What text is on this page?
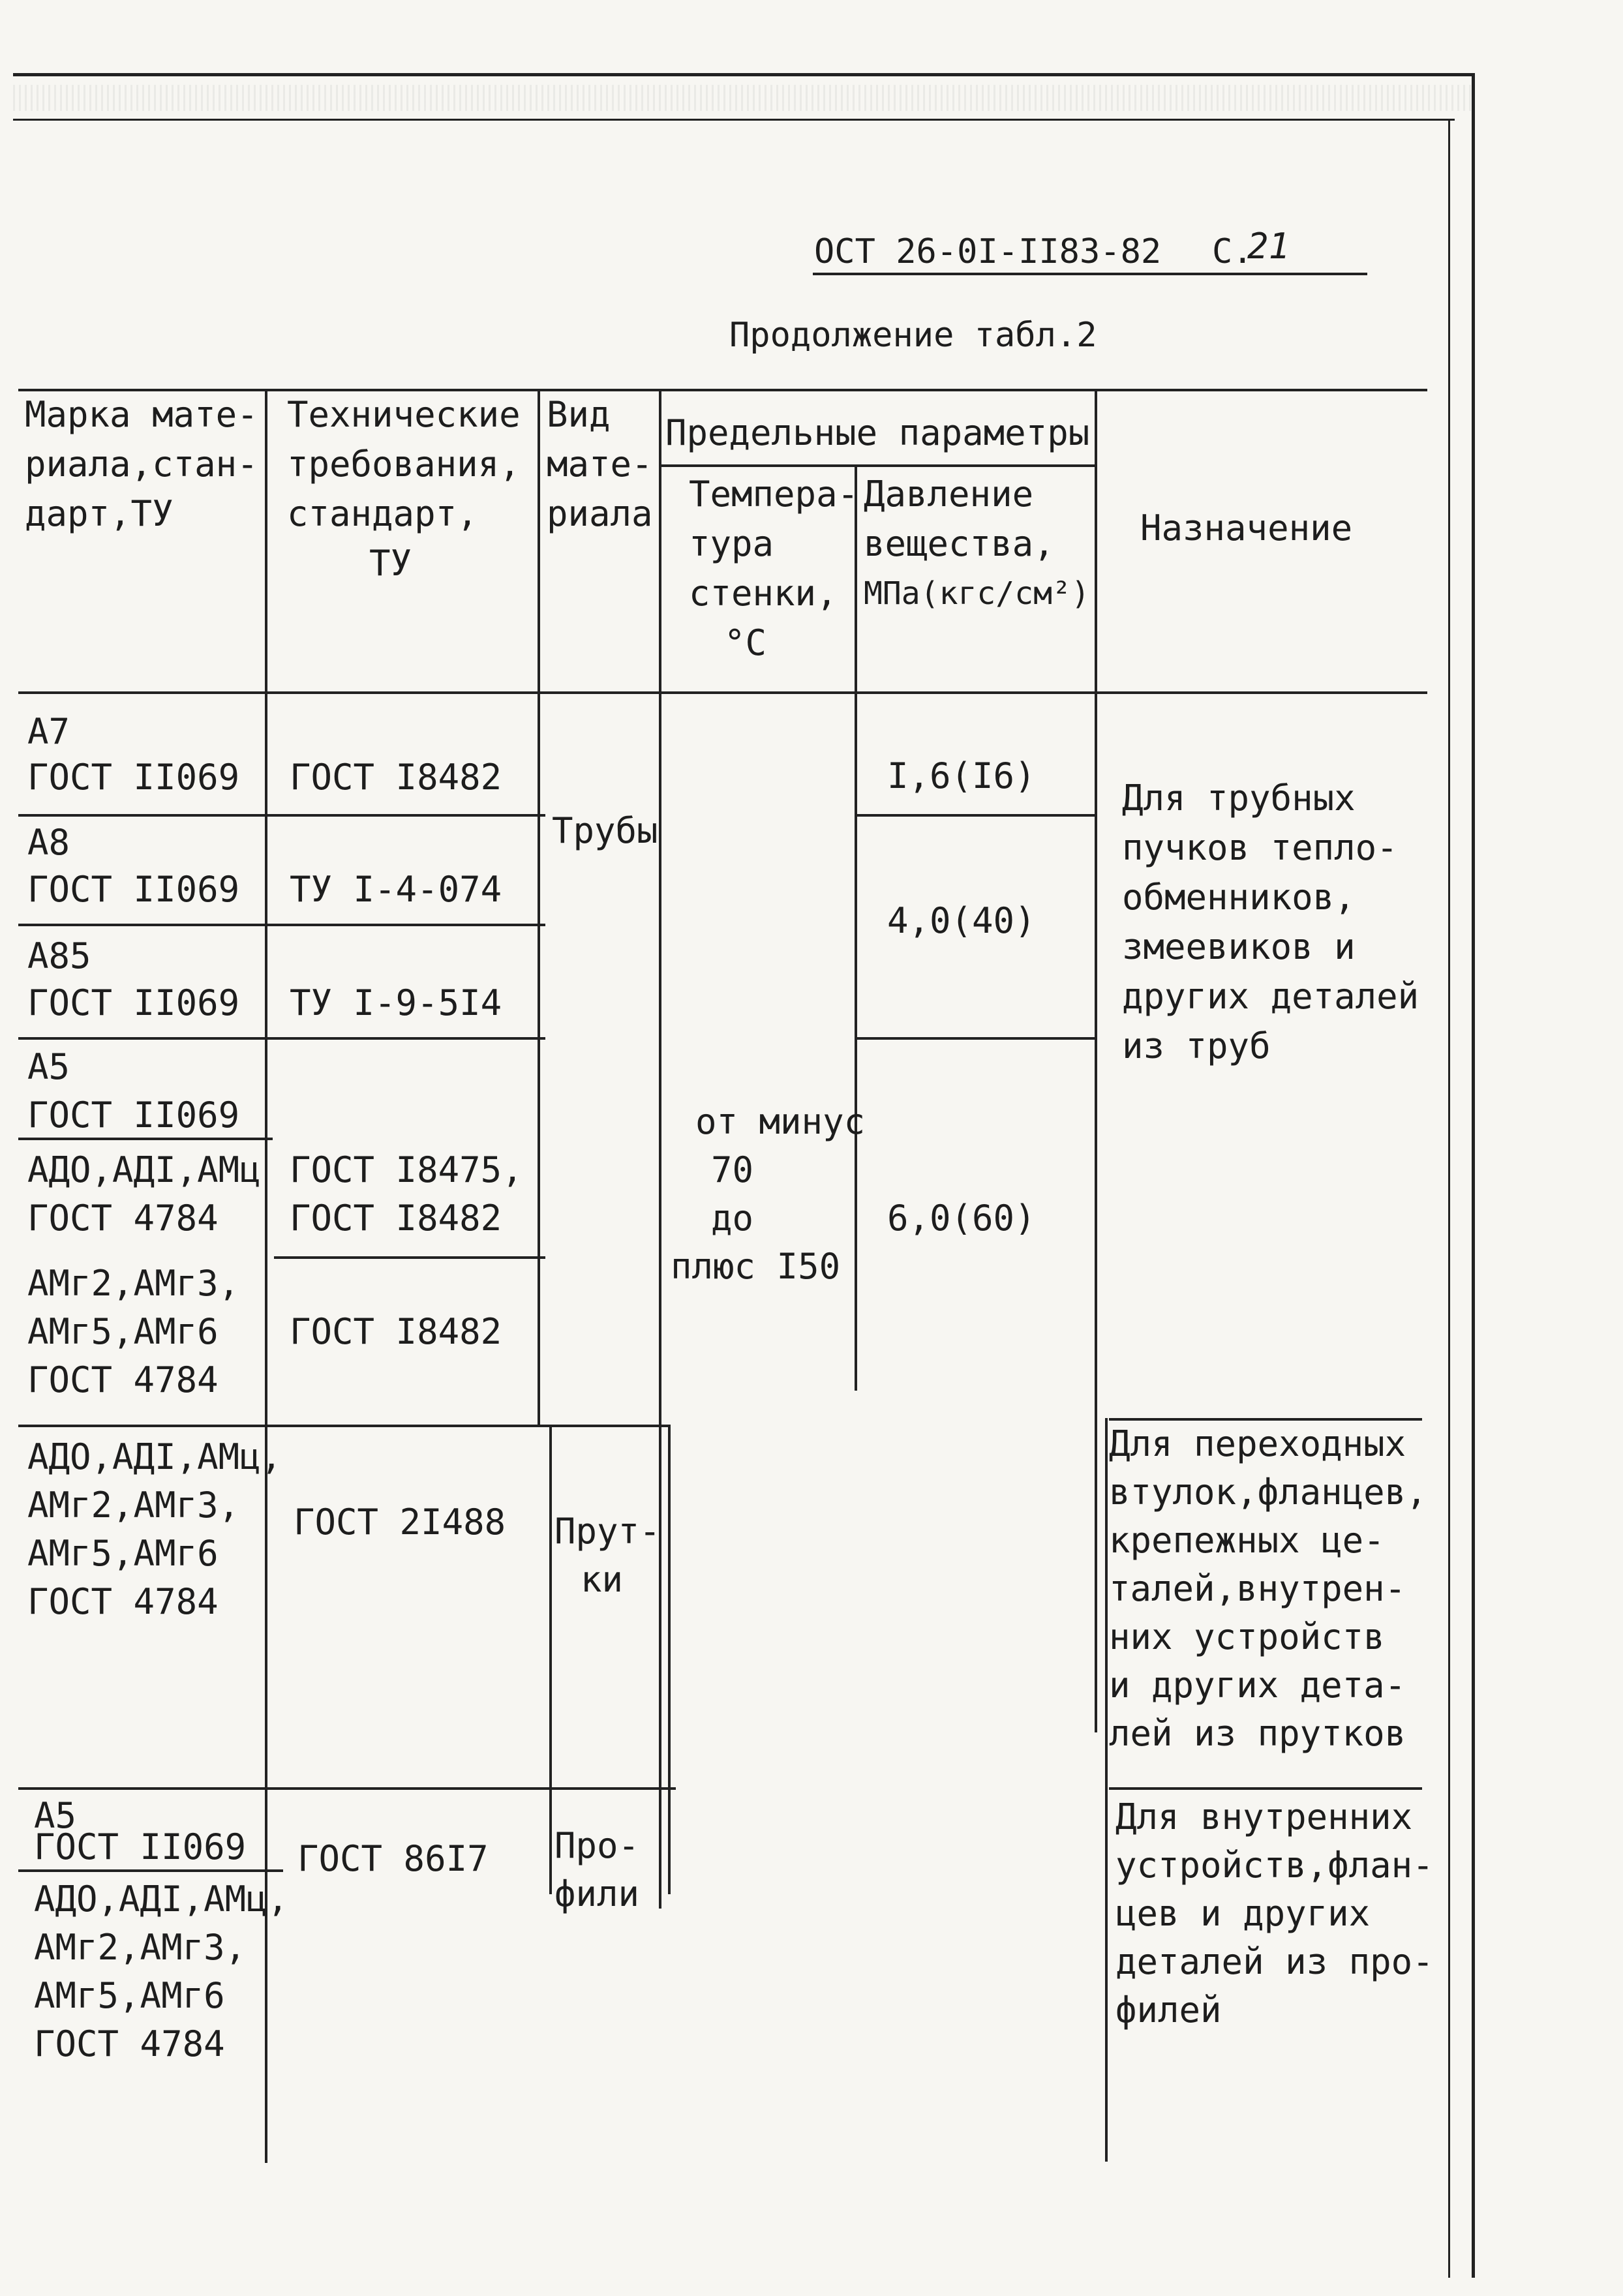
ОСТ 26-0I-II83-82 С.
21
Продолжение табл.2
Марка мате-
риала,стан-
дарт,ТУ
Технические
требования,
стандарт,
ТУ
Вид
мате-
риала
Предельные параметры
Темпера-
тура
стенки,
°С
Давление
вещества,
МПа(кгс/см²)
Назначение
А7
ГОСТ II069 ГОСТ I8482	I,6(I6)
А8
ГОСТ II069 ТУ I-4-074
4,0(40)
А85
ГОСТ II069 ТУ I-9-5I4
Трубы
Для трубных
пучков тепло-
обменников,
змеевиков и
других деталей
из труб
А5
ГОСТ II069
АДО,АДI,АМц
ГОСТ 4784
ГОСТ I8475,
ГОСТ I8482	6,0(60)
от минус
70
до
плюс I50
АМг2,АМг3,
АМг5,АМг6
ГОСТ 4784
ГОСТ I8482
АДО,АДI,АМц,
АМг2,АМг3,
АМг5,АМг6
ГОСТ 4784
ГОСТ 2I488 Прут-
ки
Для переходных
втулок,фланцев,
крепежных це-
талей,внутрен-
них устройств
и других дета-
лей из прутков
А5
ГОСТ II069
АДО,АДI,АМц,
АМг2,АМг3,
АМг5,АМг6
ГОСТ 4784
ГОСТ 86I7 Про-
фили
Для внутренних
устройств,флан-
цев и других
деталей из про-
филей
